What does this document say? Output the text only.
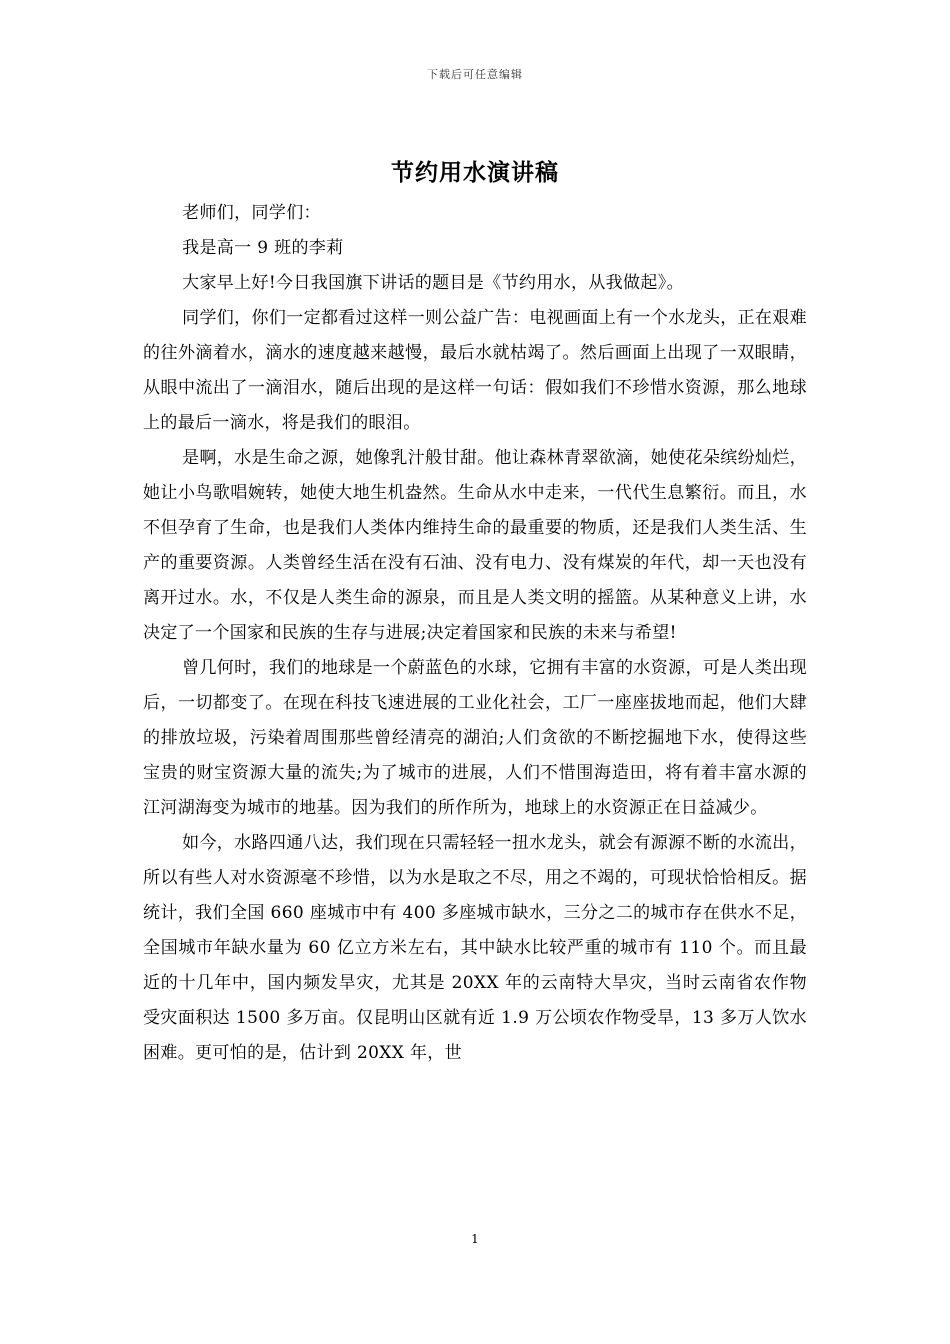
下载后可任意编辑
节约用水演讲稿

老师们，同学们：

我是高一 9 班的李莉

大家早上好!今日我国旗下讲话的题目是《节约用水，从我做起》。

同学们，你们一定都看过这样一则公益广告：电视画面上有一个水龙头，正在艰难的往外滴着水，滴水的速度越来越慢，最后水就枯竭了。然后画面上出现了一双眼睛，从眼中流出了一滴泪水，随后出现的是这样一句话：假如我们不珍惜水资源，那么地球上的最后一滴水，将是我们的眼泪。

是啊，水是生命之源，她像乳汁般甘甜。他让森林青翠欲滴，她使花朵缤纷灿烂，她让小鸟歌唱婉转，她使大地生机盎然。生命从水中走来，一代代生息繁衍。而且，水不但孕育了生命，也是我们人类体内维持生命的最重要的物质，还是我们人类生活、生产的重要资源。人类曾经生活在没有石油、没有电力、没有煤炭的年代，却一天也没有离开过水。水，不仅是人类生命的源泉，而且是人类文明的摇篮。从某种意义上讲，水决定了一个国家和民族的生存与进展;决定着国家和民族的未来与希望!

曾几何时，我们的地球是一个蔚蓝色的水球，它拥有丰富的水资源，可是人类出现后，一切都变了。在现在科技飞速进展的工业化社会，工厂一座座拔地而起，他们大肆的排放垃圾，污染着周围那些曾经清亮的湖泊;人们贪欲的不断挖掘地下水，使得这些宝贵的财宝资源大量的流失;为了城市的进展，人们不惜围海造田，将有着丰富水源的江河湖海变为城市的地基。因为我们的所作所为，地球上的水资源正在日益减少。

如今，水路四通八达，我们现在只需轻轻一扭水龙头，就会有源源不断的水流出，所以有些人对水资源毫不珍惜，以为水是取之不尽，用之不竭的，可现状恰恰相反。据统计，我们全国 660 座城市中有 400 多座城市缺水，三分之二的城市存在供水不足，全国城市年缺水量为 60 亿立方米左右，其中缺水比较严重的城市有 110 个。而且最近的十几年中，国内频发旱灾，尤其是 20XX 年的云南特大旱灾，当时云南省农作物受灾面积达 1500 多万亩。仅昆明山区就有近 1.9 万公顷农作物受旱，13 多万人饮水困难。更可怕的是，估计到 20XX 年，世

1
